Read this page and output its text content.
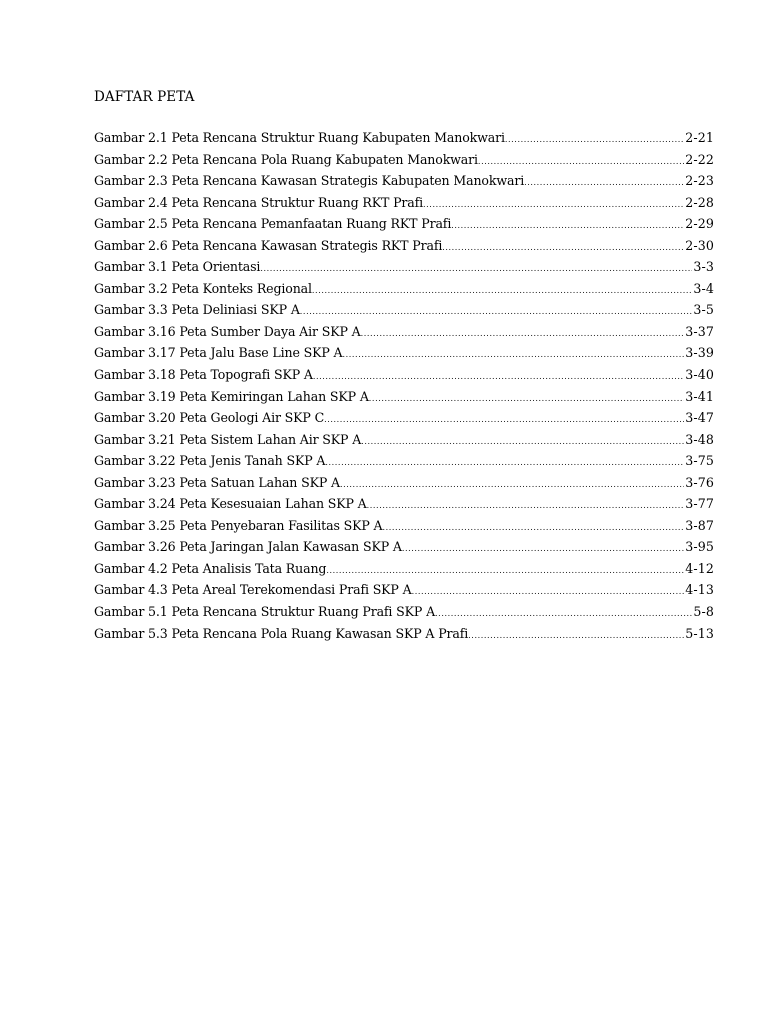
DAFTAR PETA
Gambar 2.1 Peta Rencana Struktur Ruang Kabupaten Manokwari .....	2-21
Gambar 2.2 Peta Rencana Pola Ruang Kabupaten Manokwari .....	2-22
Gambar 2.3 Peta Rencana Kawasan Strategis Kabupaten Manokwari .....	2-23
Gambar 2.4 Peta Rencana Struktur Ruang RKT Prafi .....	2-28
Gambar 2.5 Peta Rencana Pemanfaatan Ruang RKT Prafi .....	2-29
Gambar 2.6 Peta Rencana Kawasan Strategis RKT Prafi .....	2-30
Gambar 3.1 Peta Orientasi .....	3-3
Gambar 3.2 Peta Konteks Regional .....	3-4
Gambar 3.3 Peta Deliniasi SKP A .....	3-5
Gambar 3.16 Peta Sumber Daya Air SKP A .....	3-37
Gambar 3.17 Peta Jalu Base Line SKP A .....	3-39
Gambar 3.18 Peta Topografi SKP A .....	3-40
Gambar 3.19 Peta Kemiringan Lahan SKP A .....	3-41
Gambar 3.20 Peta Geologi Air SKP C .....	3-47
Gambar 3.21 Peta Sistem Lahan Air SKP A .....	3-48
Gambar 3.22 Peta Jenis Tanah SKP A .....	3-75
Gambar 3.23 Peta Satuan Lahan SKP A .....	3-76
Gambar 3.24 Peta Kesesuaian Lahan SKP A .....	3-77
Gambar 3.25 Peta Penyebaran Fasilitas SKP A .....	3-87
Gambar 3.26 Peta Jaringan Jalan Kawasan SKP A .....	3-95
Gambar 4.2 Peta Analisis Tata Ruang .....	4-12
Gambar 4.3 Peta Areal Terekomendasi Prafi SKP A .....	4-13
Gambar 5.1 Peta Rencana Struktur Ruang Prafi SKP A .....	5-8
Gambar 5.3 Peta Rencana Pola Ruang Kawasan SKP A Prafi .....	5-13
